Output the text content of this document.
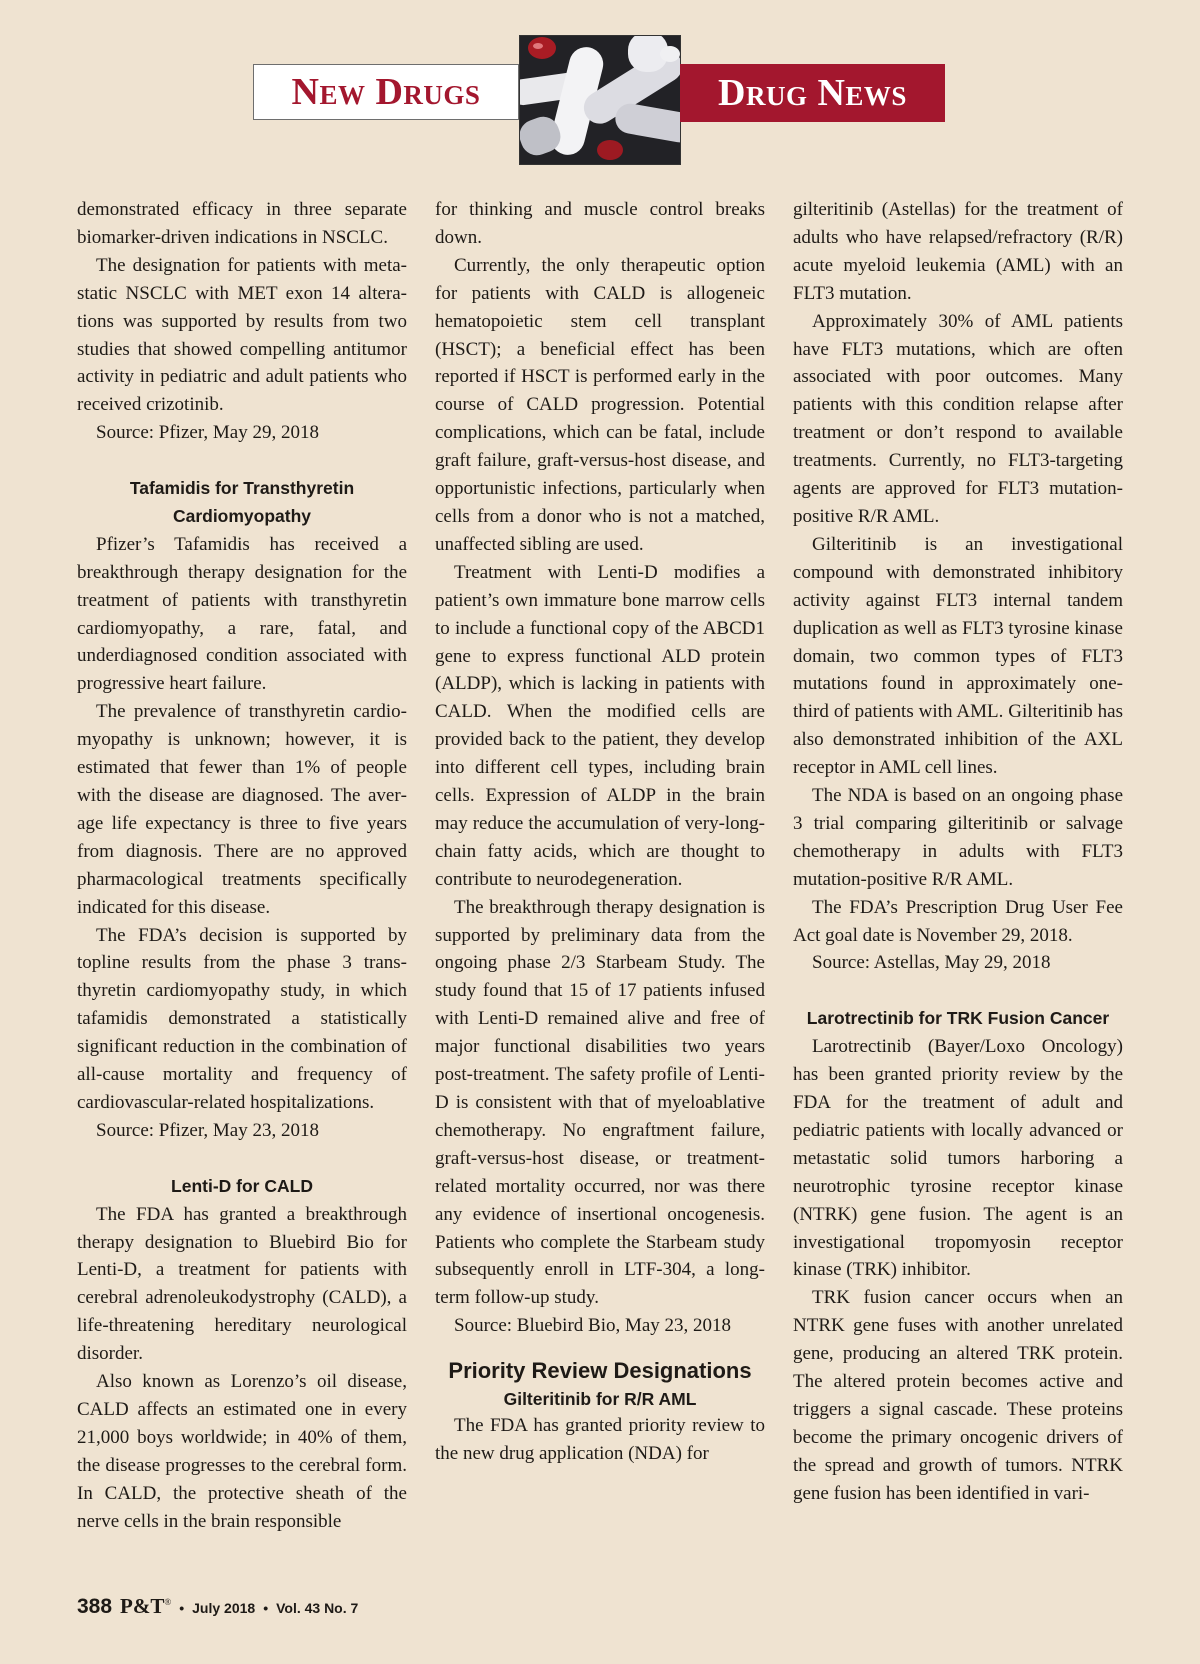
New Drugs	Drug News

demonstrated efficacy in three separate biomarker-driven indications in NSCLC.

The designation for patients with metastatic NSCLC with MET exon 14 alterations was supported by results from two studies that showed compelling antitumor activity in pediatric and adult patients who received crizotinib.

Source: Pfizer, May 29, 2018

Tafamidis for Transthyretin Cardiomyopathy

Pfizer’s Tafamidis has received a breakthrough therapy designation for the treatment of patients with transthyretin cardiomyopathy, a rare, fatal, and underdiagnosed condition associated with progressive heart failure.

The prevalence of transthyretin cardiomyopathy is unknown; however, it is estimated that fewer than 1% of people with the disease are diagnosed. The average life expectancy is three to five years from diagnosis. There are no approved pharmacological treatments specifically indicated for this disease.

The FDA’s decision is supported by topline results from the phase 3 transthyretin cardiomyopathy study, in which tafamidis demonstrated a statistically significant reduction in the combination of all-cause mortality and frequency of cardiovascular-related hospitalizations.

Source: Pfizer, May 23, 2018

Lenti-D for CALD

The FDA has granted a breakthrough therapy designation to Bluebird Bio for Lenti-D, a treatment for patients with cerebral adrenoleukodystrophy (CALD), a life-threatening hereditary neurological disorder.

Also known as Lorenzo’s oil disease, CALD affects an estimated one in every 21,000 boys worldwide; in 40% of them, the disease progresses to the cerebral form. In CALD, the protective sheath of the nerve cells in the brain responsible

for thinking and muscle control breaks down.

Currently, the only therapeutic option for patients with CALD is allogeneic hematopoietic stem cell transplant (HSCT); a beneficial effect has been reported if HSCT is performed early in the course of CALD progression. Potential complications, which can be fatal, include graft failure, graft-versus-host disease, and opportunistic infections, particularly when cells from a donor who is not a matched, unaffected sibling are used.

Treatment with Lenti-D modifies a patient’s own immature bone marrow cells to include a functional copy of the ABCD1 gene to express functional ALD protein (ALDP), which is lacking in patients with CALD. When the modified cells are provided back to the patient, they develop into different cell types, including brain cells. Expression of ALDP in the brain may reduce the accumulation of very-long-chain fatty acids, which are thought to contribute to neurodegeneration.

The breakthrough therapy designation is supported by preliminary data from the ongoing phase 2/3 Starbeam Study. The study found that 15 of 17 patients infused with Lenti-D remained alive and free of major functional disabilities two years post-treatment. The safety profile of Lenti-D is consistent with that of myeloablative chemotherapy. No engraftment failure, graft-versus-host disease, or treatment-related mortality occurred, nor was there any evidence of insertional oncogenesis. Patients who complete the Starbeam study subsequently enroll in LTF-304, a long-term follow-up study.

Source: Bluebird Bio, May 23, 2018

Priority Review Designations
Gilteritinib for R/R AML

The FDA has granted priority review to the new drug application (NDA) for

gilteritinib (Astellas) for the treatment of adults who have relapsed/refractory (R/R) acute myeloid leukemia (AML) with an FLT3 mutation.

Approximately 30% of AML patients have FLT3 mutations, which are often associated with poor outcomes. Many patients with this condition relapse after treatment or don’t respond to available treatments. Currently, no FLT3-targeting agents are approved for FLT3 mutation-positive R/R AML.

Gilteritinib is an investigational compound with demonstrated inhibitory activity against FLT3 internal tandem duplication as well as FLT3 tyrosine kinase domain, two common types of FLT3 mutations found in approximately one-third of patients with AML. Gilteritinib has also demonstrated inhibition of the AXL receptor in AML cell lines.

The NDA is based on an ongoing phase 3 trial comparing gilteritinib or salvage chemotherapy in adults with FLT3 mutation-positive R/R AML.

The FDA’s Prescription Drug User Fee Act goal date is November 29, 2018.

Source: Astellas, May 29, 2018

Larotrectinib for TRK Fusion Cancer

Larotrectinib (Bayer/Loxo Oncology) has been granted priority review by the FDA for the treatment of adult and pediatric patients with locally advanced or metastatic solid tumors harboring a neurotrophic tyrosine receptor kinase (NTRK) gene fusion. The agent is an investigational tropomyosin receptor kinase (TRK) inhibitor.

TRK fusion cancer occurs when an NTRK gene fuses with another unrelated gene, producing an altered TRK protein. The altered protein becomes active and triggers a signal cascade. These proteins become the primary oncogenic drivers of the spread and growth of tumors. NTRK gene fusion has been identified in vari-

388 P&T® • July 2018 • Vol. 43 No. 7
